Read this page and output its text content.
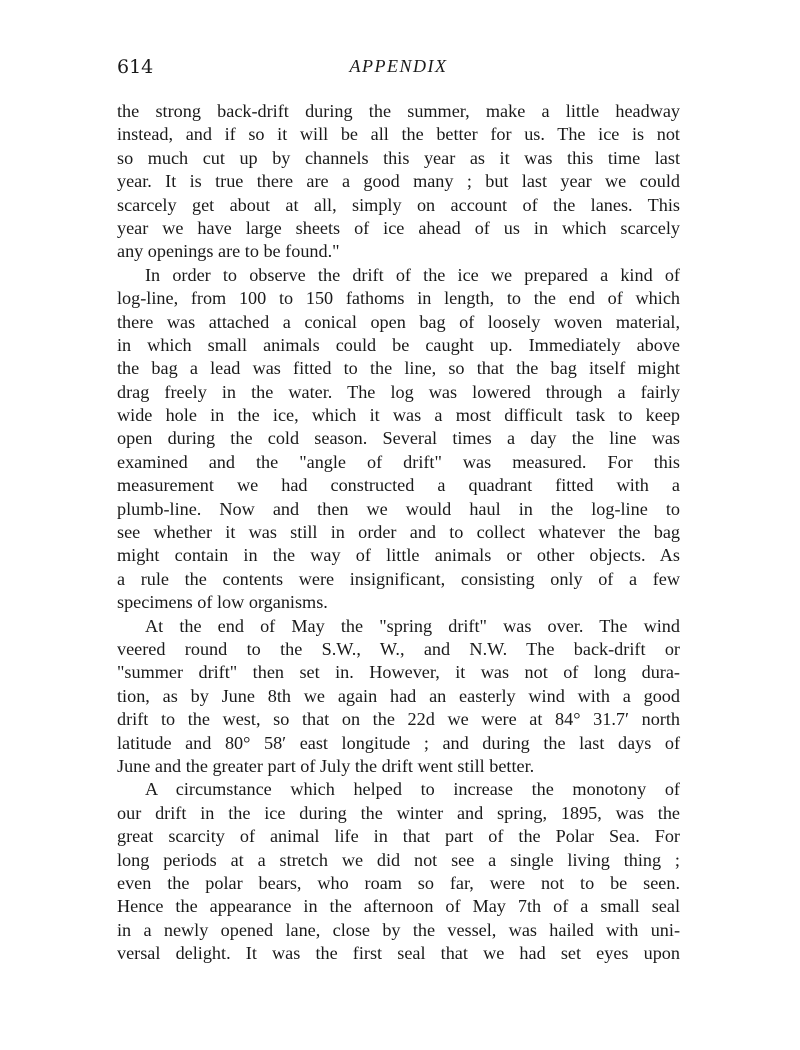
614	APPENDIX
the strong back-drift during the summer, make a little headway
instead, and if so it will be all the better for us. The ice is not
so much cut up by channels this year as it was this time last
year. It is true there are a good many ; but last year we could
scarcely get about at all, simply on account of the lanes. This
year we have large sheets of ice ahead of us in which scarcely
any openings are to be found."
In order to observe the drift of the ice we prepared a kind of
log-line, from 100 to 150 fathoms in length, to the end of which
there was attached a conical open bag of loosely woven material,
in which small animals could be caught up. Immediately above
the bag a lead was fitted to the line, so that the bag itself might
drag freely in the water. The log was lowered through a fairly
wide hole in the ice, which it was a most difficult task to keep
open during the cold season. Several times a day the line was
examined and the "angle of drift" was measured. For this
measurement we had constructed a quadrant fitted with a
plumb-line. Now and then we would haul in the log-line to
see whether it was still in order and to collect whatever the bag
might contain in the way of little animals or other objects. As
a rule the contents were insignificant, consisting only of a few
specimens of low organisms.
At the end of May the "spring drift" was over. The wind
veered round to the S.W., W., and N.W. The back-drift or
"summer drift" then set in. However, it was not of long dura-
tion, as by June 8th we again had an easterly wind with a good
drift to the west, so that on the 22d we were at 84° 31.7′ north
latitude and 80° 58′ east longitude ; and during the last days of
June and the greater part of July the drift went still better.
A circumstance which helped to increase the monotony of
our drift in the ice during the winter and spring, 1895, was the
great scarcity of animal life in that part of the Polar Sea. For
long periods at a stretch we did not see a single living thing ;
even the polar bears, who roam so far, were not to be seen.
Hence the appearance in the afternoon of May 7th of a small seal
in a newly opened lane, close by the vessel, was hailed with uni-
versal delight. It was the first seal that we had set eyes upon
